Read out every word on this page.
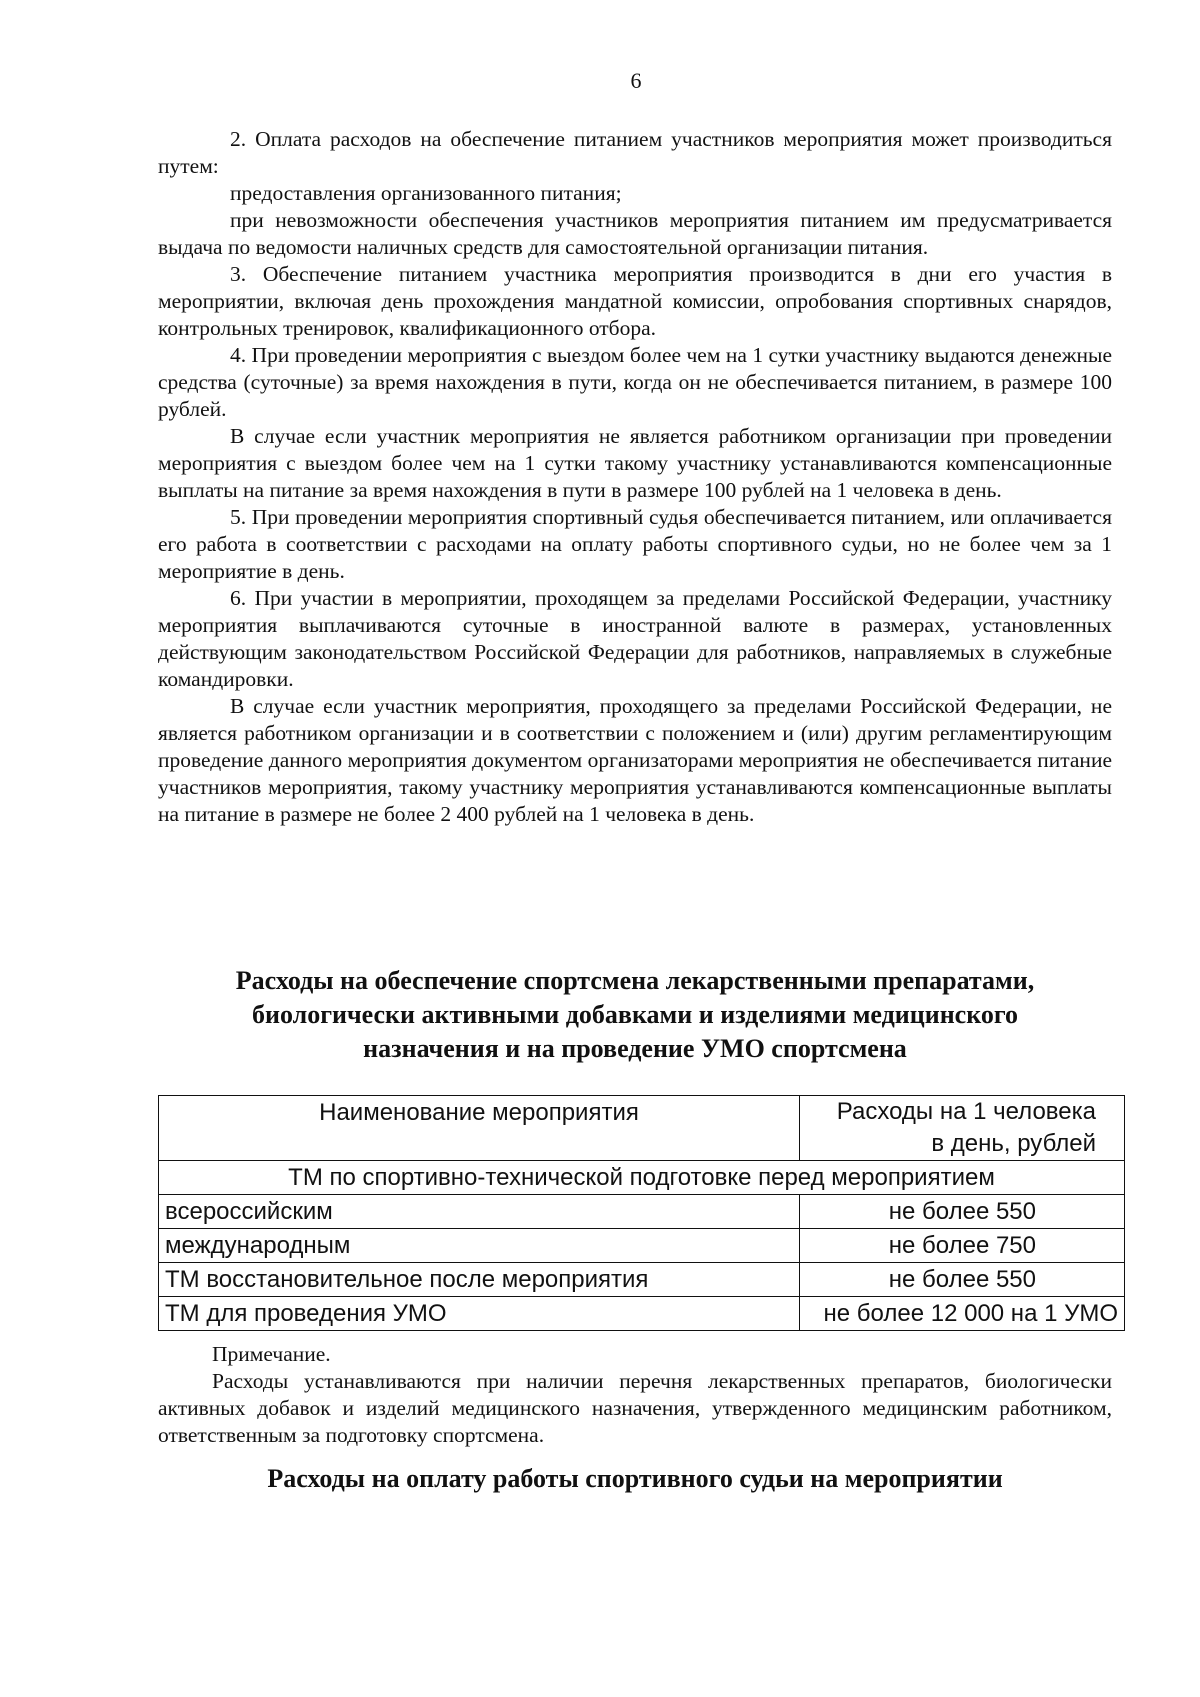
6

2. Оплата расходов на обеспечение питанием участников мероприятия может производиться путем:

предоставления организованного питания;

при невозможности обеспечения участников мероприятия питанием им предусматривается выдача по ведомости наличных средств для самостоятельной организации питания.

3. Обеспечение питанием участника мероприятия производится в дни его участия в мероприятии, включая день прохождения мандатной комиссии, опробования спортивных снарядов, контрольных тренировок, квалификационного отбора.

4. При проведении мероприятия с выездом более чем на 1 сутки участнику выдаются денежные средства (суточные) за время нахождения в пути, когда он не обеспечивается питанием, в размере 100 рублей.

В случае если участник мероприятия не является работником организации при проведении мероприятия с выездом более чем на 1 сутки такому участнику устанавливаются компенсационные выплаты на питание за время нахождения в пути в размере 100 рублей на 1 человека в день.

5. При проведении мероприятия спортивный судья обеспечивается питанием, или оплачивается его работа в соответствии с расходами на оплату работы спортивного судьи, но не более чем за 1 мероприятие в день.

6. При участии в мероприятии, проходящем за пределами Российской Федерации, участнику мероприятия выплачиваются суточные в иностранной валюте в размерах, установленных действующим законодательством Российской Федерации для работников, направляемых в служебные командировки.

В случае если участник мероприятия, проходящего за пределами Российской Федерации, не является работником организации и в соответствии с положением и (или) другим регламентирующим проведение данного мероприятия документом организаторами мероприятия не обеспечивается питание участников мероприятия, такому участнику мероприятия устанавливаются компенсационные выплаты на питание в размере не более 2 400 рублей на 1 человека в день.

Расходы на обеспечение спортсмена лекарственными препаратами,
биологически активными добавками и изделиями медицинского
назначения и на проведение УМО спортсмена
Наименование мероприятия	Расходы на 1 человека
в день, рублей
ТМ по спортивно-технической подготовке перед мероприятием	
всероссийским	не более 550
международным	не более 750
ТМ восстановительное после мероприятия	не более 550
ТМ для проведения УМО	не более 12 000 на 1 УМО

Примечание.

Расходы устанавливаются при наличии перечня лекарственных препаратов, биологически активных добавок и изделий медицинского назначения, утвержденного медицинским работником, ответственным за подготовку спортсмена.

Расходы на оплату работы спортивного судьи на мероприятии
